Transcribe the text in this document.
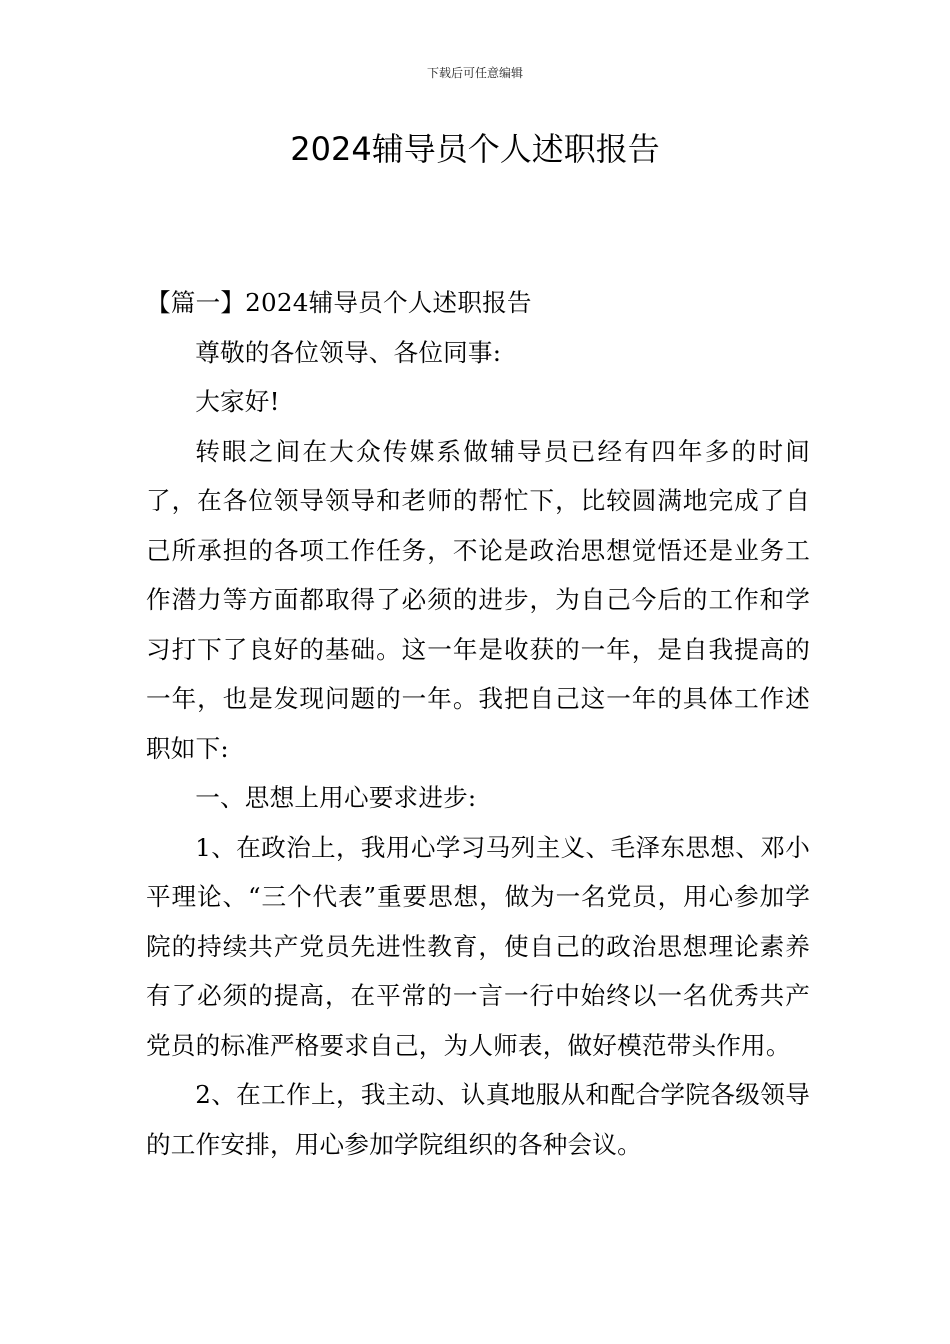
下载后可任意编辑
2024辅导员个人述职报告

【篇一】2024辅导员个人述职报告

尊敬的各位领导、各位同事:

大家好!

转眼之间在大众传媒系做辅导员已经有四年多的时间了，在各位领导领导和老师的帮忙下，比较圆满地完成了自己所承担的各项工作任务，不论是政治思想觉悟还是业务工作潜力等方面都取得了必须的进步，为自己今后的工作和学习打下了良好的基础。这一年是收获的一年，是自我提高的一年，也是发现问题的一年。我把自己这一年的具体工作述职如下:

一、思想上用心要求进步:

1、在政治上，我用心学习马列主义、毛泽东思想、邓小平理论、“三个代表”重要思想，做为一名党员，用心参加学院的持续共产党员先进性教育，使自己的政治思想理论素养有了必须的提高，在平常的一言一行中始终以一名优秀共产党员的标准严格要求自己，为人师表，做好模范带头作用。

2、在工作上，我主动、认真地服从和配合学院各级领导的工作安排，用心参加学院组织的各种会议。
